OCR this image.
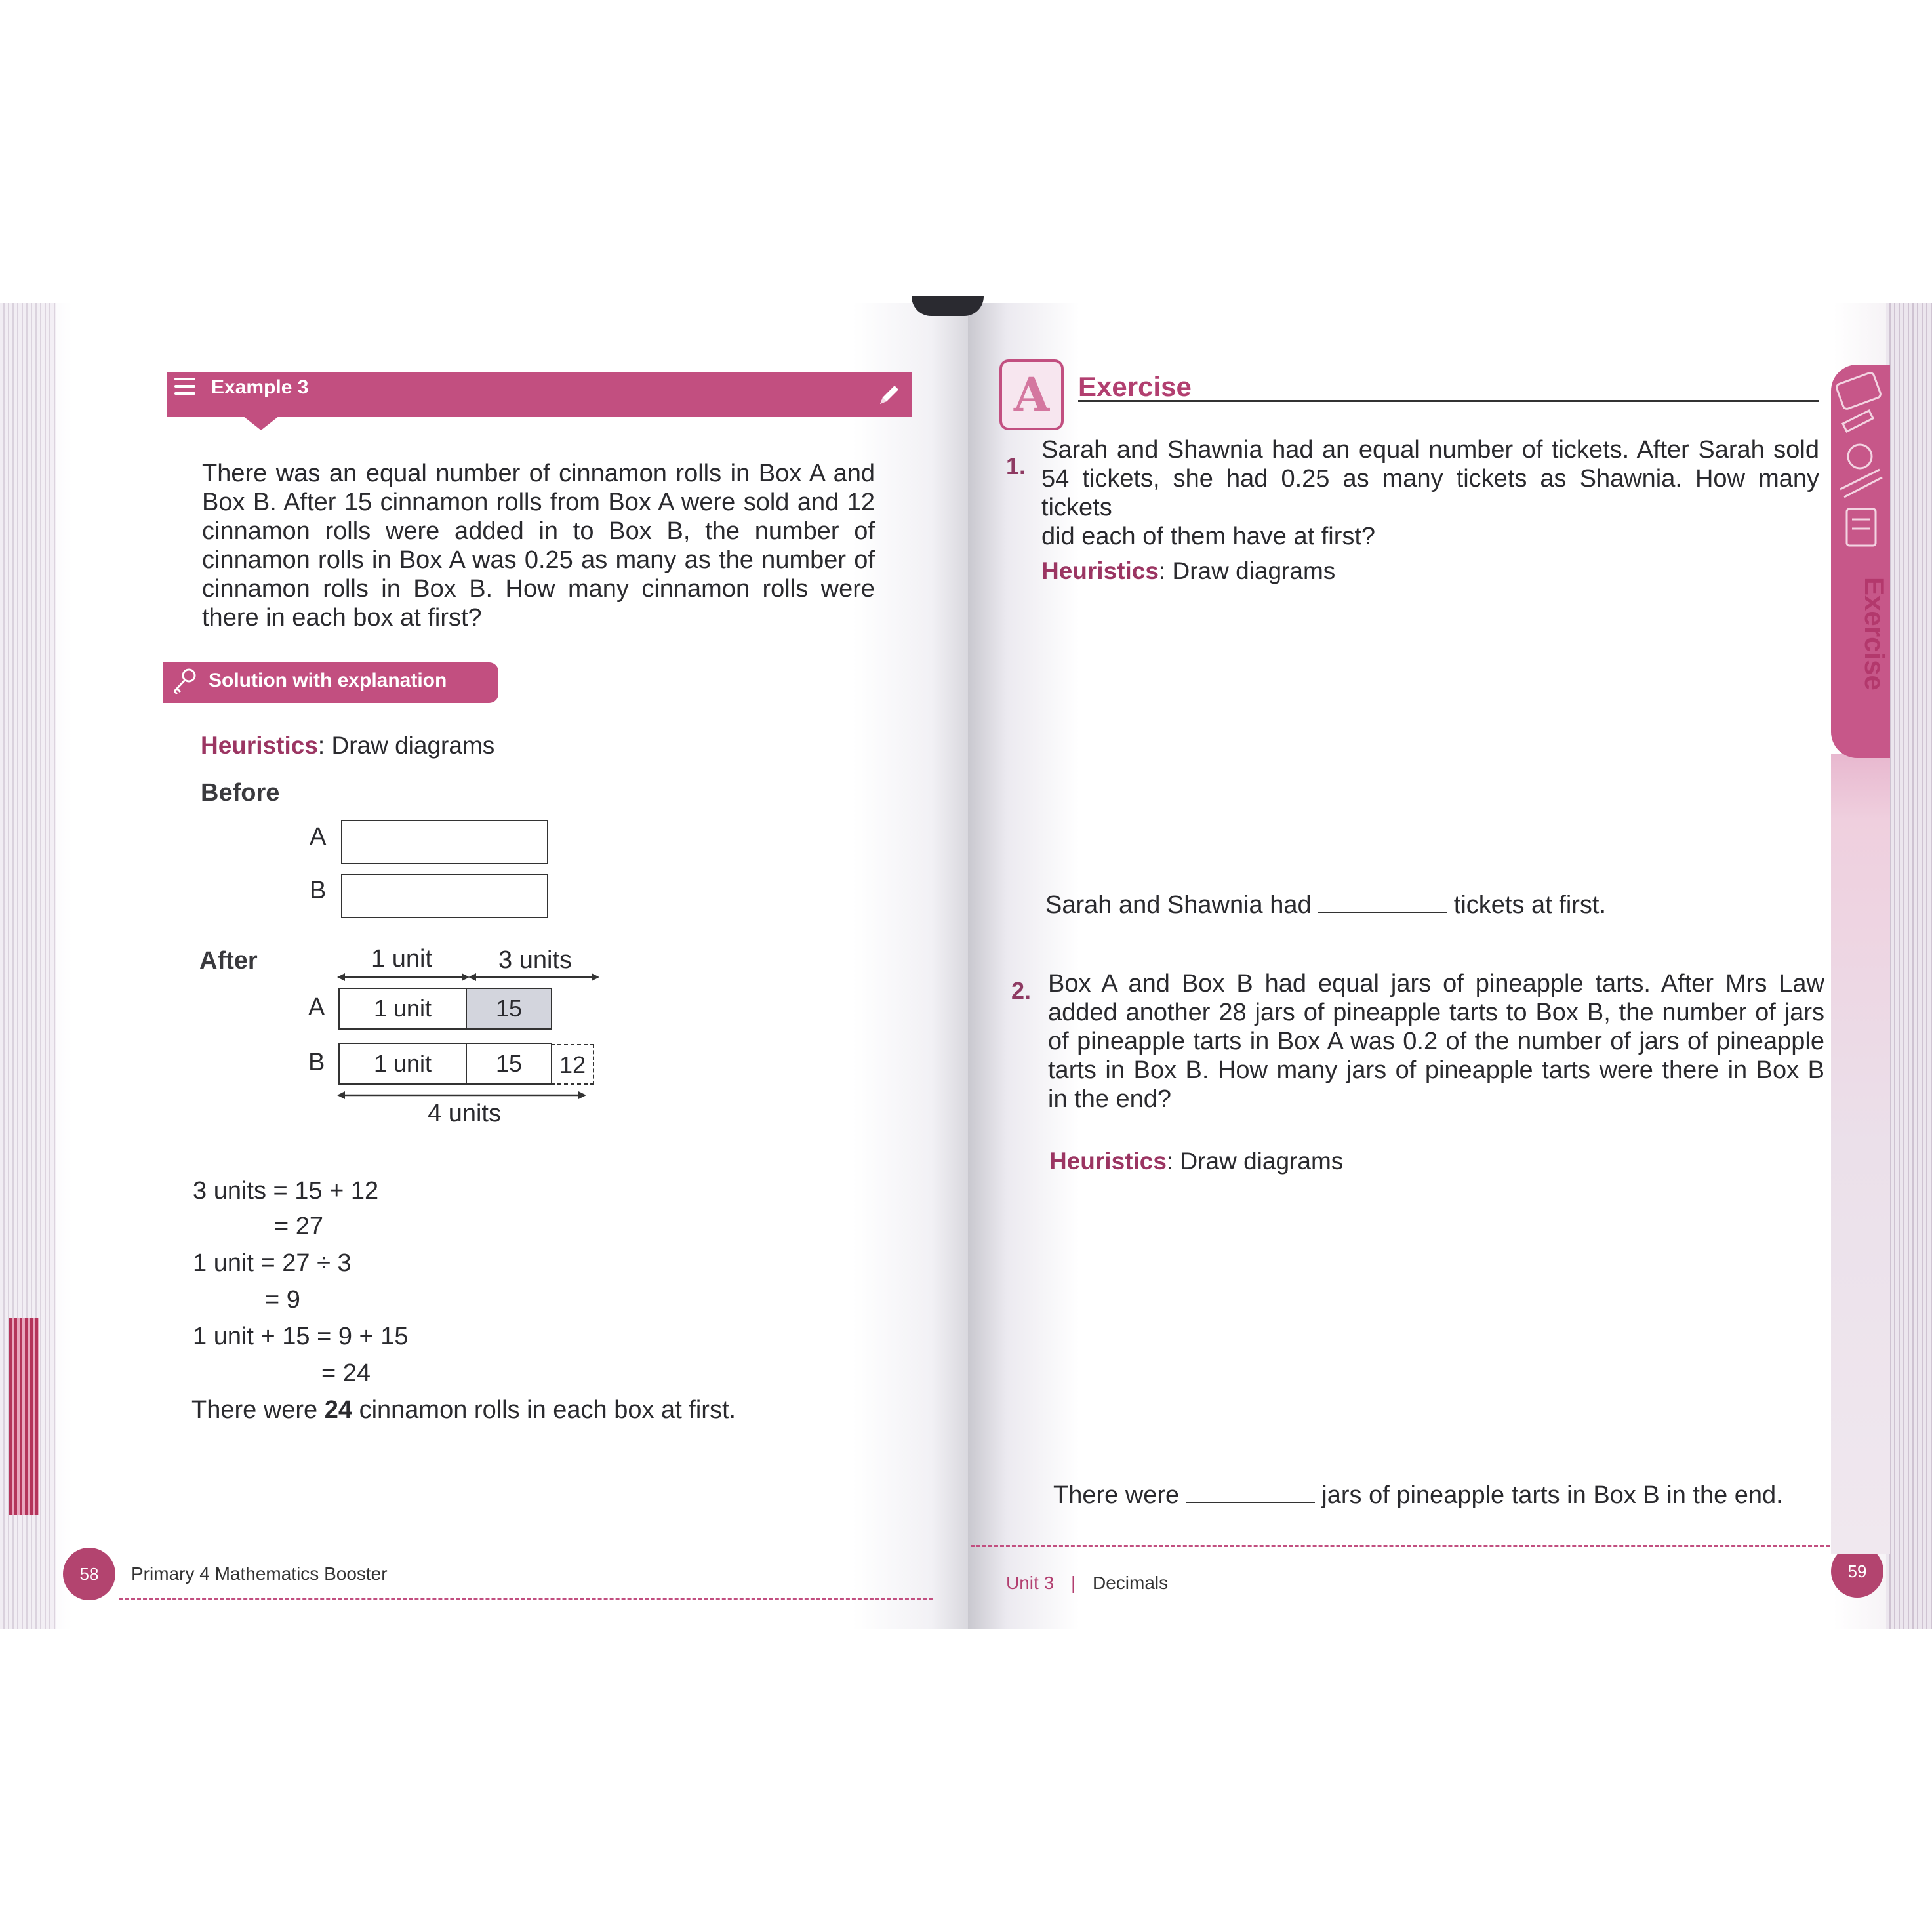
Example 3
There was an equal number of cinnamon rolls in Box A and
Box B. After 15 cinnamon rolls from Box A were sold and 12
cinnamon rolls were added in to Box B, the number of
cinnamon rolls in Box A was 0.25 as many as the number of
cinnamon rolls in Box B. How many cinnamon rolls were
there in each box at first?
Solution with explanation
Heuristics: Draw diagrams
Before
A
B
After	1 unit	3 units
A	1 unit	15
B	1 unit	15	12
4 units
3 units = 15 + 12
= 27
1 unit = 27 ÷ 3
= 9
1 unit + 15 = 9 + 15
= 24
There were 24 cinnamon rolls in each box at first.
58	Primary 4 Mathematics Booster
A	Exercise
1.
Sarah and Shawnia had an equal number of tickets. After Sarah sold
54 tickets, she had 0.25 as many tickets as Shawnia. How many tickets
did each of them have at first?
Heuristics: Draw diagrams
Sarah and Shawnia had	tickets at first.
2. Box A and Box B had equal jars of pineapple tarts. After Mrs Law
added another 28 jars of pineapple tarts to Box B, the number of jars
of pineapple tarts in Box A was 0.2 of the number of jars of pineapple
tarts in Box B. How many jars of pineapple tarts were there in Box B
in the end?
Heuristics: Draw diagrams
There were	jars of pineapple tarts in Box B in the end.
Unit 3 | Decimals
59
Exercise
